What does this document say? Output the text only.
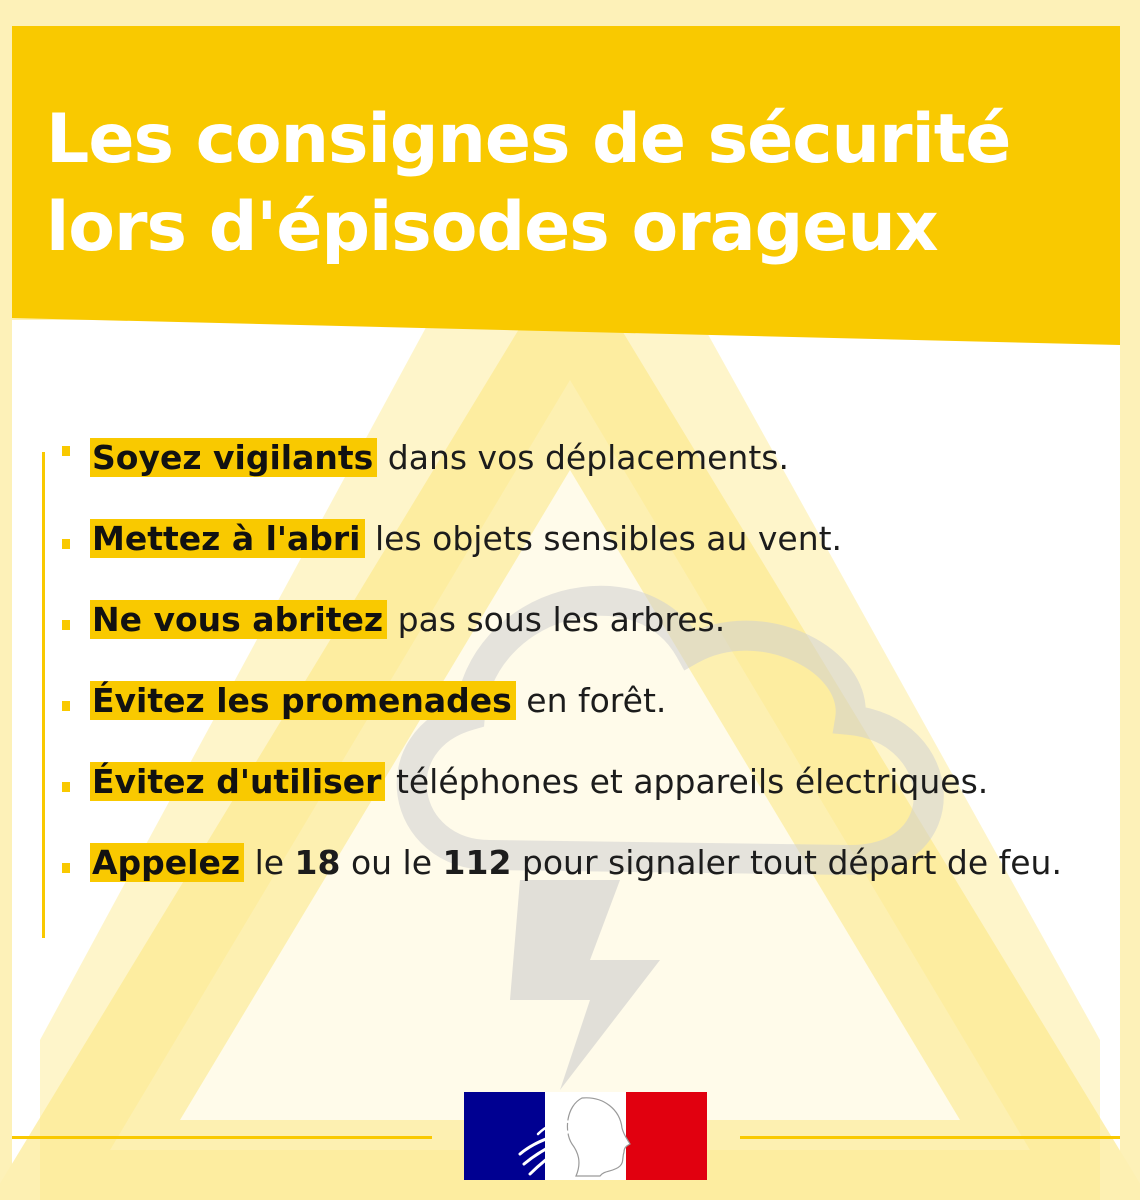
Les consignes de sécurité
lors d'épisodes orageux
Soyez vigilants dans vos déplacements.
Mettez à l'abri les objets sensibles au vent.
Ne vous abritez pas sous les arbres.
Évitez les promenades en forêt.
Évitez d'utiliser téléphones et appareils électriques.
Appelez le 18 ou le 112 pour signaler tout départ de feu.
